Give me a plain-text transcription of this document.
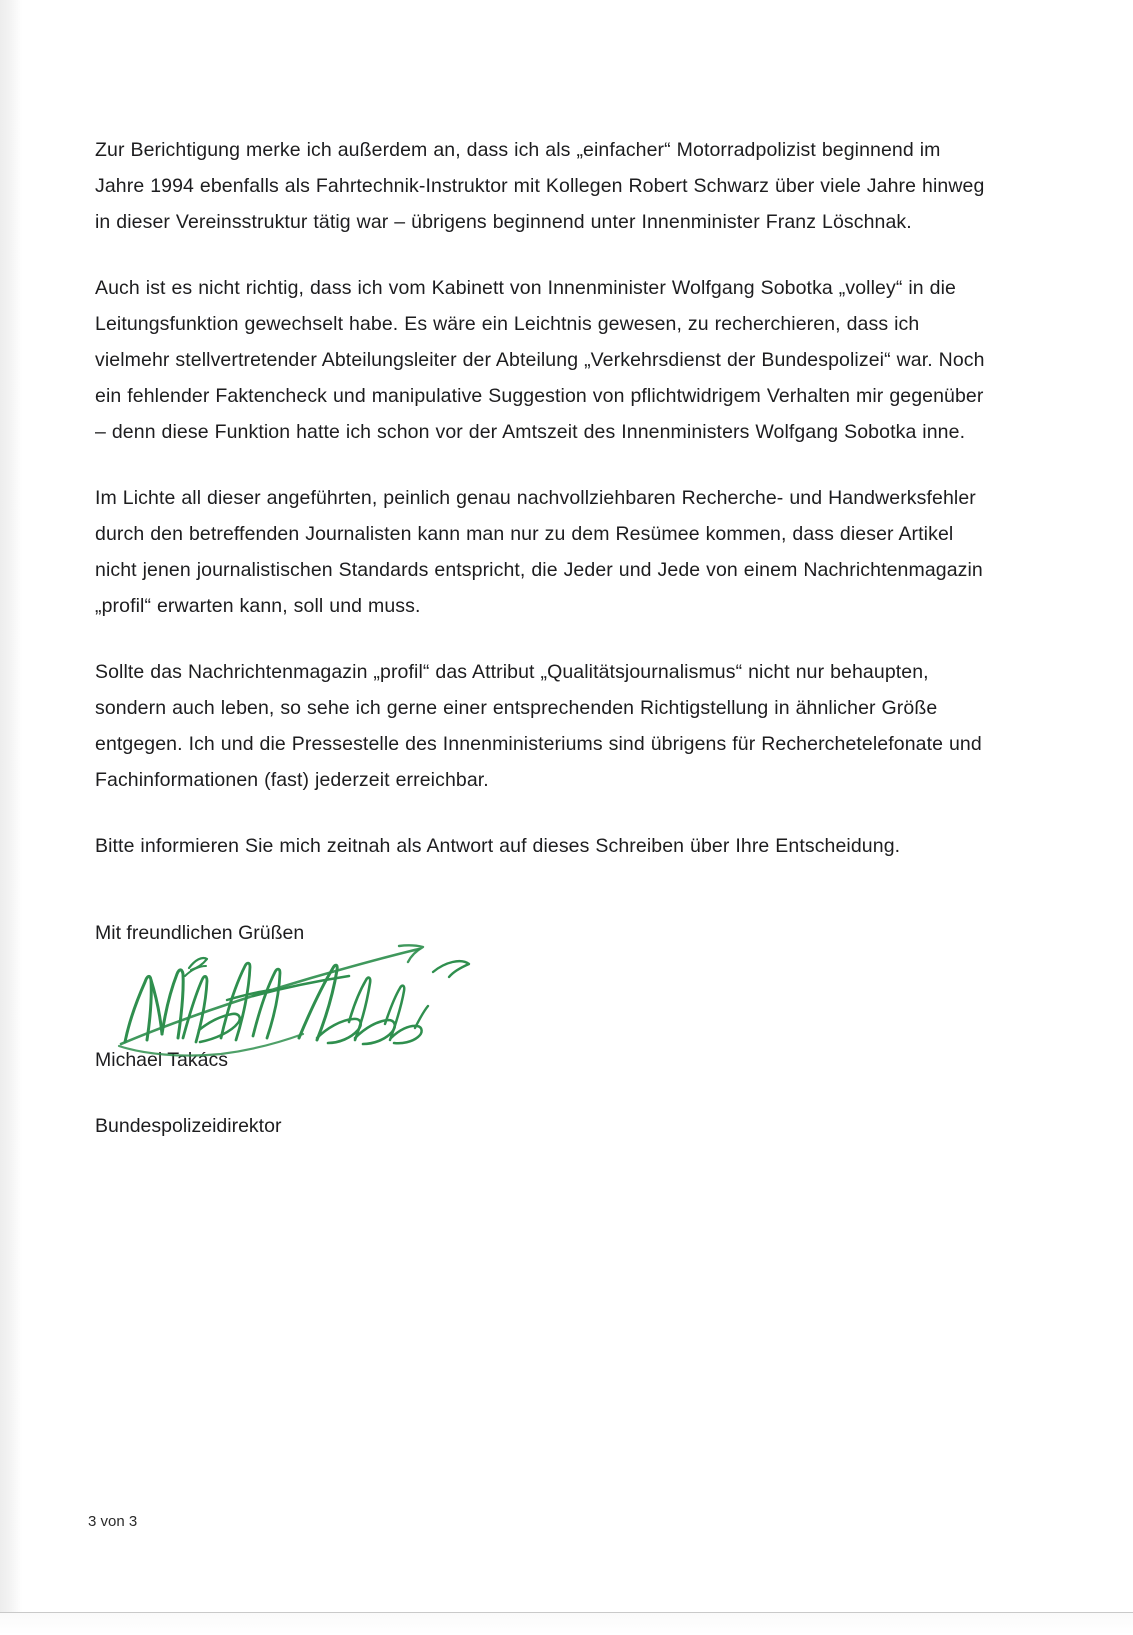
Zur Berichtigung merke ich außerdem an, dass ich als „einfacher“ Motorradpolizist beginnend im Jahre 1994 ebenfalls als Fahrtechnik-Instruktor mit Kollegen Robert Schwarz über viele Jahre hinweg in dieser Vereinsstruktur tätig war – übrigens beginnend unter Innenminister Franz Löschnak.

Auch ist es nicht richtig, dass ich vom Kabinett von Innenminister Wolfgang Sobotka „volley“ in die Leitungsfunktion gewechselt habe. Es wäre ein Leichtnis gewesen, zu recherchieren, dass ich vielmehr stellvertretender Abteilungsleiter der Abteilung „Verkehrsdienst der Bundespolizei“ war. Noch ein fehlender Faktencheck und manipulative Suggestion von pflichtwidrigem Verhalten mir gegenüber – denn diese Funktion hatte ich schon vor der Amtszeit des Innenministers Wolfgang Sobotka inne.

Im Lichte all dieser angeführten, peinlich genau nachvollziehbaren Recherche- und Handwerksfehler durch den betreffenden Journalisten kann man nur zu dem Resümee kommen, dass dieser Artikel nicht jenen journalistischen Standards entspricht, die Jeder und Jede von einem Nachrichtenmagazin „profil“ erwarten kann, soll und muss.

Sollte das Nachrichtenmagazin „profil“ das Attribut „Qualitätsjournalismus“ nicht nur behaupten, sondern auch leben, so sehe ich gerne einer entsprechenden Richtigstellung in ähnlicher Größe entgegen. Ich und die Pressestelle des Innenministeriums sind übrigens für Recherchetelefonate und Fachinformationen (fast) jederzeit erreichbar.

Bitte informieren Sie mich zeitnah als Antwort auf dieses Schreiben über Ihre Entscheidung.

Mit freundlichen Grüßen

Michael Takács

Bundespolizeidirektor

3 von 3
